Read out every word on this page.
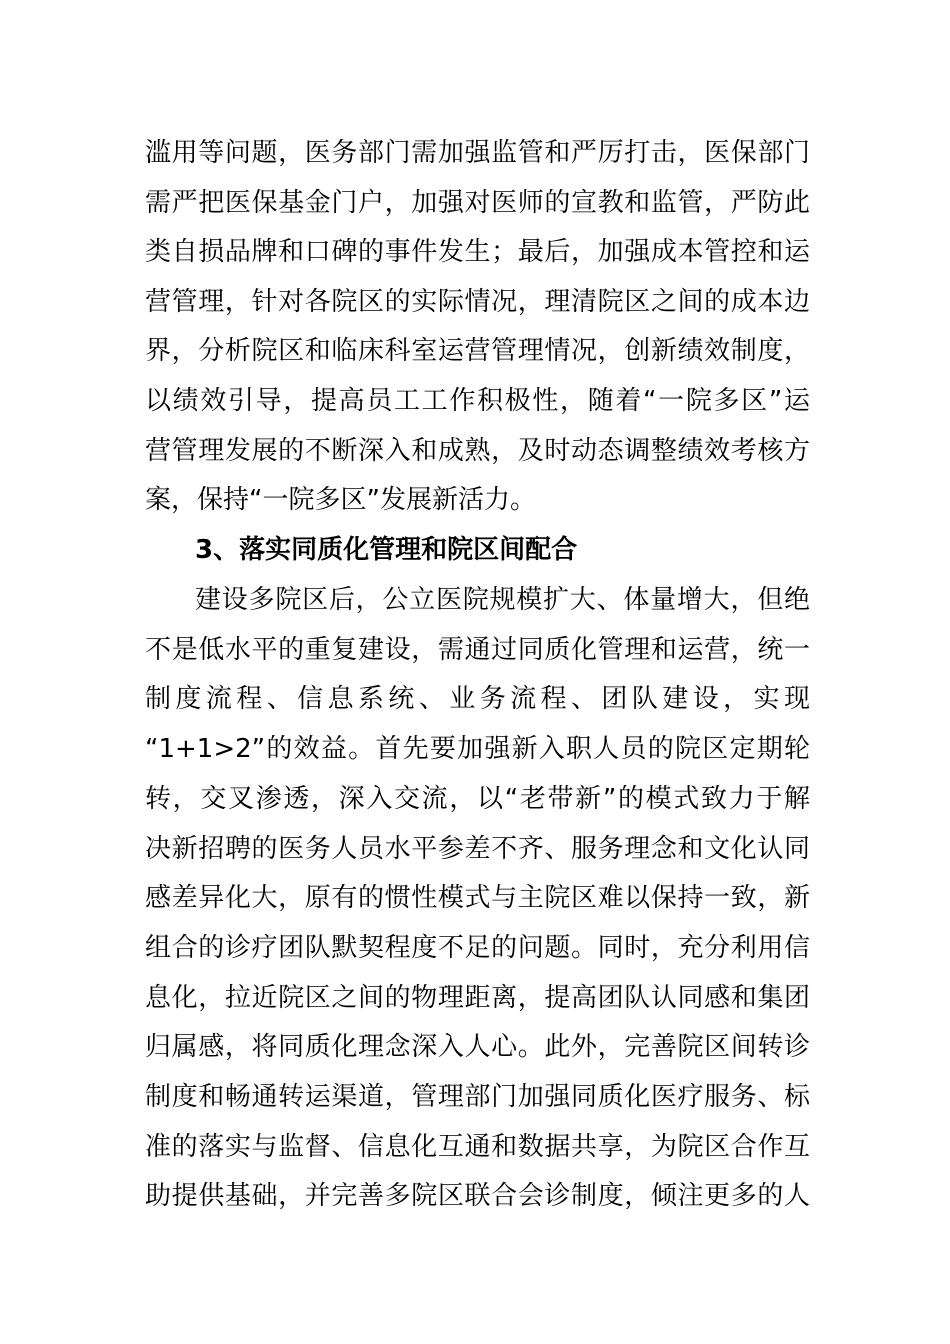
滥用等问题，医务部门需加强监管和严厉打击，医保部门
需严把医保基金门户，加强对医师的宣教和监管，严防此
类自损品牌和口碑的事件发生；最后，加强成本管控和运
营管理，针对各院区的实际情况，理清院区之间的成本边
界，分析院区和临床科室运营管理情况，创新绩效制度，
以绩效引导，提高员工工作积极性，随着“一院多区”运
营管理发展的不断深入和成熟，及时动态调整绩效考核方
案，保持“一院多区”发展新活力。
3、落实同质化管理和院区间配合
建设多院区后，公立医院规模扩大、体量增大，但绝
不是低水平的重复建设，需通过同质化管理和运营，统一
制度流程、信息系统、业务流程、团队建设，实现
“1+1>2”的效益。首先要加强新入职人员的院区定期轮
转，交叉渗透，深入交流，以“老带新”的模式致力于解
决新招聘的医务人员水平参差不齐、服务理念和文化认同
感差异化大，原有的惯性模式与主院区难以保持一致，新
组合的诊疗团队默契程度不足的问题。同时，充分利用信
息化，拉近院区之间的物理距离，提高团队认同感和集团
归属感，将同质化理念深入人心。此外，完善院区间转诊
制度和畅通转运渠道，管理部门加强同质化医疗服务、标
准的落实与监督、信息化互通和数据共享，为院区合作互
助提供基础，并完善多院区联合会诊制度，倾注更多的人
